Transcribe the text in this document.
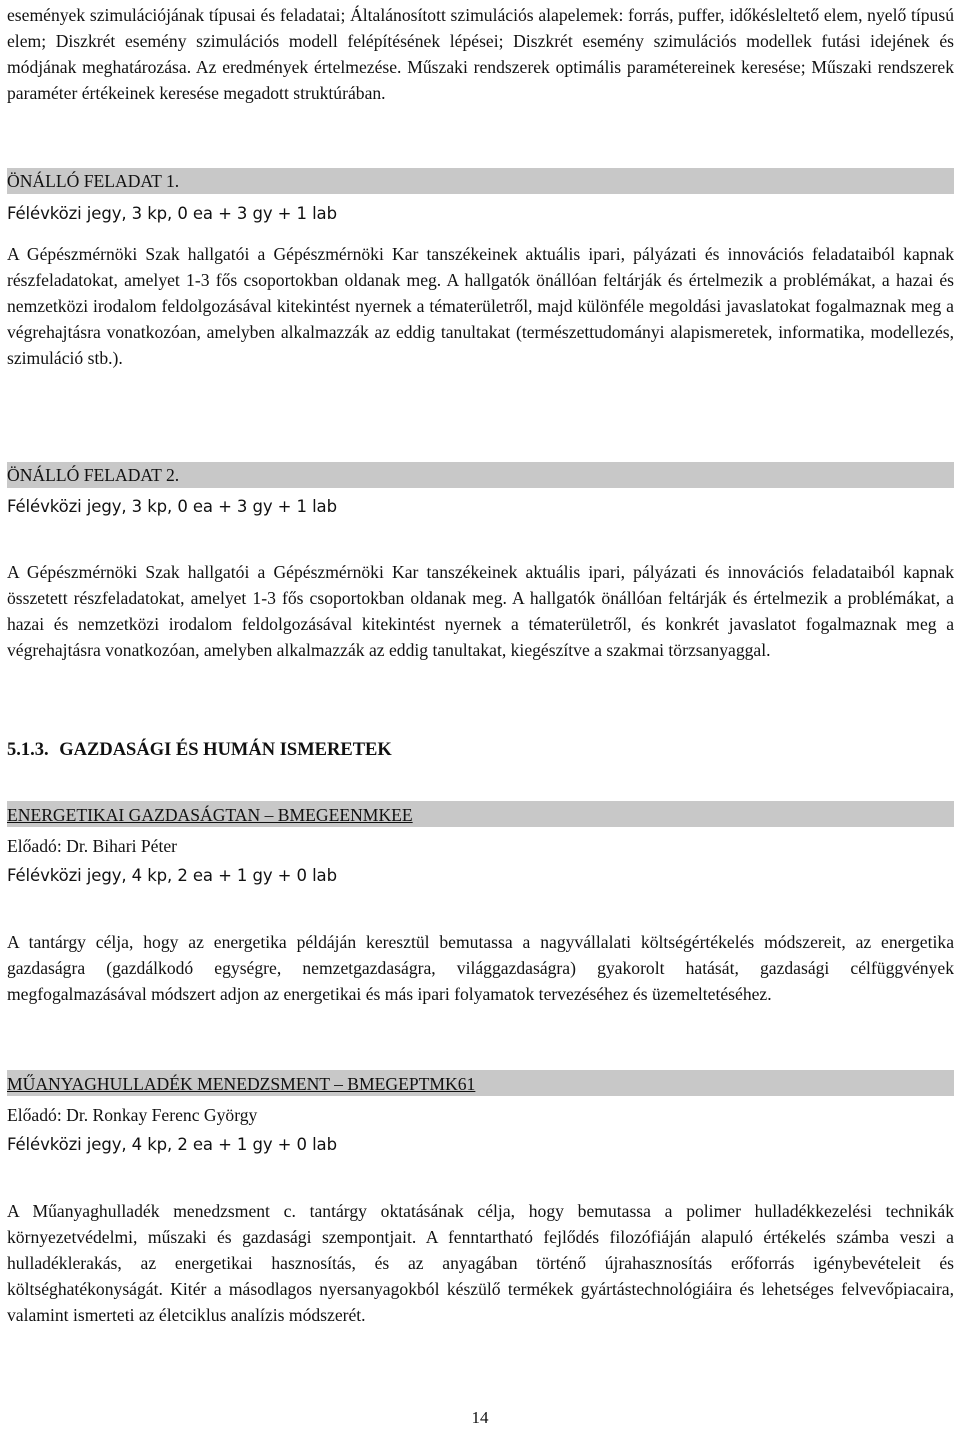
események szimulációjának típusai és feladatai; Általánosított szimulációs alapelemek: forrás, puffer, időkésleltető elem, nyelő típusú elem; Diszkrét esemény szimulációs modell felépítésének lépései; Diszkrét esemény szimulációs modellek futási idejének és módjának meghatározása. Az eredmények értelmezése. Műszaki rendszerek optimális paramétereinek keresése; Műszaki rendszerek paraméter értékeinek keresése megadott struktúrában.

ÖNÁLLÓ FELADAT 1.
Félévközi jegy, 3 kp, 0 ea + 3 gy + 1 lab

A Gépészmérnöki Szak hallgatói a Gépészmérnöki Kar tanszékeinek aktuális ipari, pályázati és innovációs feladataiból kapnak részfeladatokat, amelyet 1-3 fős csoportokban oldanak meg. A hallgatók önállóan feltárják és értelmezik a problémákat, a hazai és nemzetközi irodalom feldolgozásával kitekintést nyernek a tématerületről, majd különféle megoldási javaslatokat fogalmaznak meg a végrehajtásra vonatkozóan, amelyben alkalmazzák az eddig tanultakat (természettudományi alapismeretek, informatika, modellezés, szimuláció stb.).

ÖNÁLLÓ FELADAT 2.
Félévközi jegy, 3 kp, 0 ea + 3 gy + 1 lab

A Gépészmérnöki Szak hallgatói a Gépészmérnöki Kar tanszékeinek aktuális ipari, pályázati és innovációs feladataiból kapnak összetett részfeladatokat, amelyet 1-3 fős csoportokban oldanak meg. A hallgatók önállóan feltárják és értelmezik a problémákat, a hazai és nemzetközi irodalom feldolgozásával kitekintést nyernek a tématerületről, és konkrét javaslatot fogalmaznak meg a végrehajtásra vonatkozóan, amelyben alkalmazzák az eddig tanultakat, kiegészítve a szakmai törzsanyaggal.

5.1.3. GAZDASÁGI ÉS HUMÁN ISMERETEK
ENERGETIKAI GAZDASÁGTAN – BMEGEENMKEE
Előadó: Dr. Bihari Péter
Félévközi jegy, 4 kp, 2 ea + 1 gy + 0 lab

A tantárgy célja, hogy az energetika példáján keresztül bemutassa a nagyvállalati költségértékelés módszereit, az energetika gazdaságra (gazdálkodó egységre, nemzetgazdaságra, világgazdaságra) gyakorolt hatását, gazdasági célfüggvények megfogalmazásával módszert adjon az energetikai és más ipari folyamatok tervezéséhez és üzemeltetéséhez.

MŰANYAGHULLADÉK MENEDZSMENT – BMEGEPTMK61
Előadó: Dr. Ronkay Ferenc György
Félévközi jegy, 4 kp, 2 ea + 1 gy + 0 lab

A Műanyaghulladék menedzsment c. tantárgy oktatásának célja, hogy bemutassa a polimer hulladékkezelési technikák környezetvédelmi, műszaki és gazdasági szempontjait. A fenntartható fejlődés filozófiáján alapuló értékelés számba veszi a hulladéklerakás, az energetikai hasznosítás, és az anyagában történő újrahasznosítás erőforrás igénybevételeit és költséghatékonyságát. Kitér a másodlagos nyersanyagokból készülő termékek gyártástechnológiáira és lehetséges felvevőpiacaira, valamint ismerteti az életciklus analízis módszerét.

14
